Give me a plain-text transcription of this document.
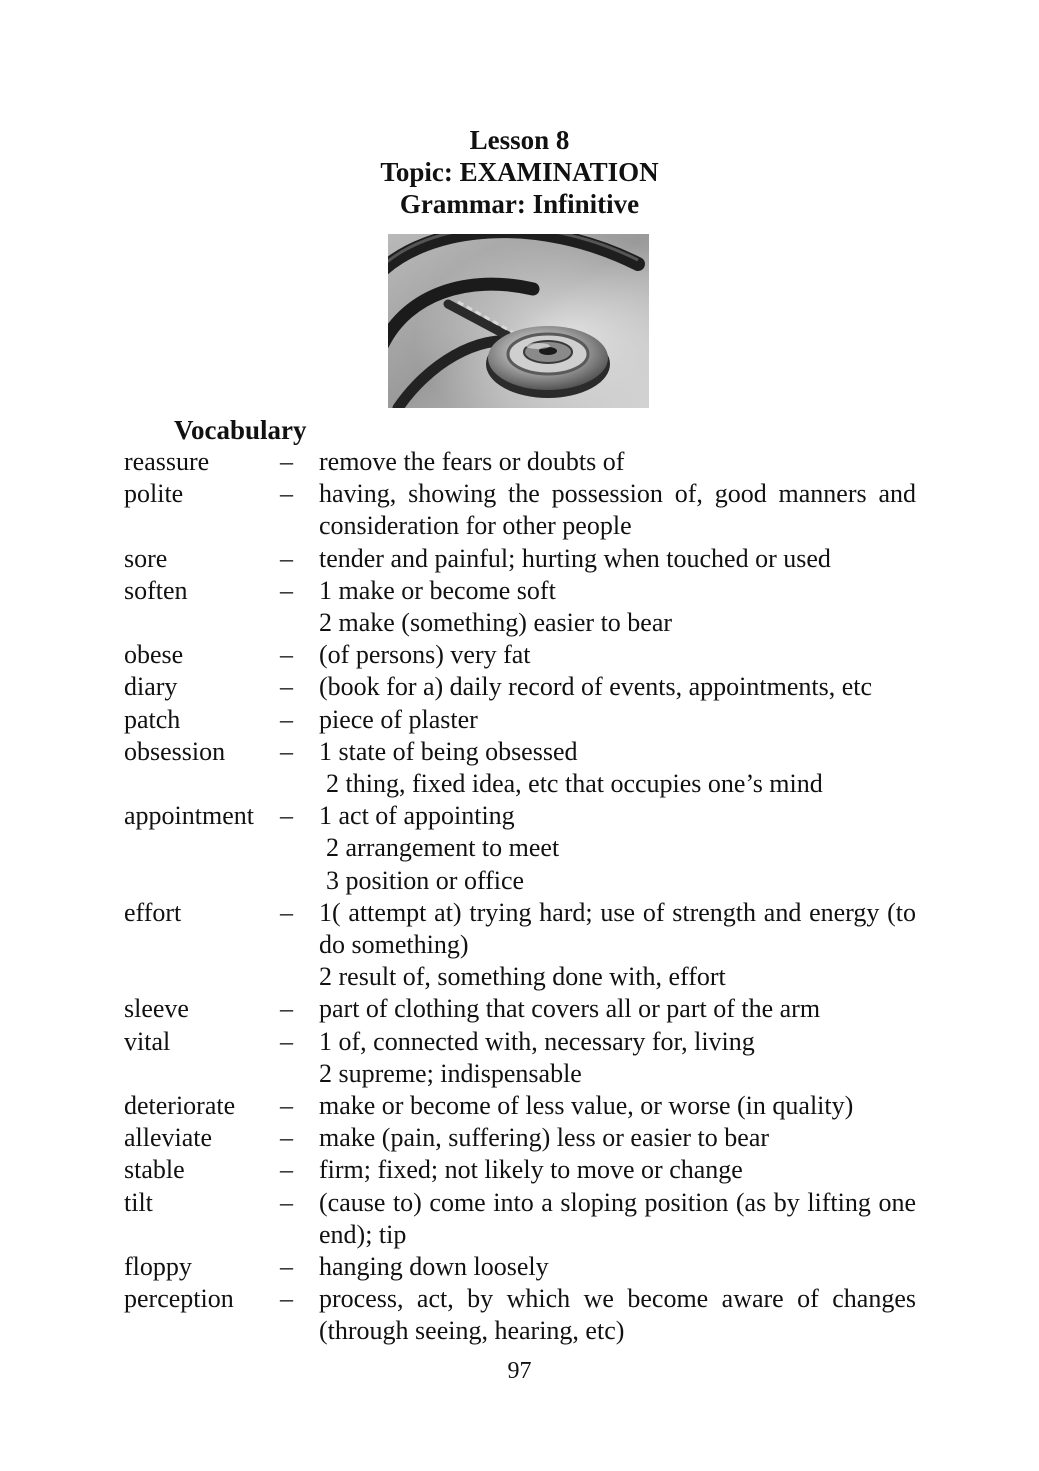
Lesson 8
Topic: EXAMINATION
Grammar: Infinitive
Vocabulary
reassure	–	remove the fears or doubts of
polite	–	having, showing the possession of, good manners and consideration for other people
sore	–	tender and painful; hurting when touched or used
soften	–	1 make or become soft
2 make (something) easier to bear
obese	–	(of persons) very fat
diary	–	(book for a) daily record of events, appointments, etc
patch	–	piece of plaster
obsession	–	1 state of being obsessed
2 thing, fixed idea, etc that occupies one’s mind
appointment	–	1 act of appointing
2 arrangement to meet
3 position or office
effort	–	1( attempt at) trying hard; use of strength and energy (to do something)
2 result of, something done with, effort
sleeve	–	part of clothing that covers all or part of the arm
vital	–	1 of, connected with, necessary for, living
2 supreme; indispensable
deteriorate	–	make or become of less value, or worse (in quality)
alleviate	–	make (pain, suffering) less or easier to bear
stable	–	firm; fixed; not likely to move or change
tilt	–	(cause to) come into a sloping position (as by lifting one end); tip
floppy	–	hanging down loosely
perception	–	process, act, by which we become aware of changes (through seeing, hearing, etc)
97
